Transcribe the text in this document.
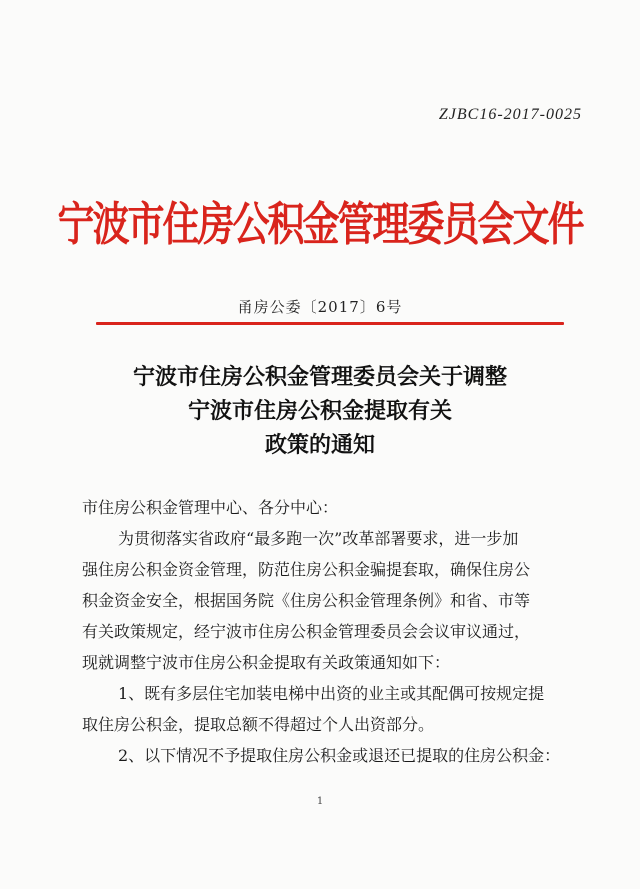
ZJBC16-2017-0025
宁波市住房公积金管理委员会文件
甬房公委〔2017〕6号
宁波市住房公积金管理委员会关于调整
宁波市住房公积金提取有关
政策的通知

市住房公积金管理中心、各分中心：

为贯彻落实省政府“最多跑一次”改革部署要求，进一步加

强住房公积金资金管理，防范住房公积金骗提套取，确保住房公

积金资金安全，根据国务院《住房公积金管理条例》和省、市等

有关政策规定，经宁波市住房公积金管理委员会会议审议通过，

现就调整宁波市住房公积金提取有关政策通知如下：

1、既有多层住宅加装电梯中出资的业主或其配偶可按规定提

取住房公积金，提取总额不得超过个人出资部分。

2、以下情况不予提取住房公积金或退还已提取的住房公积金：

1
